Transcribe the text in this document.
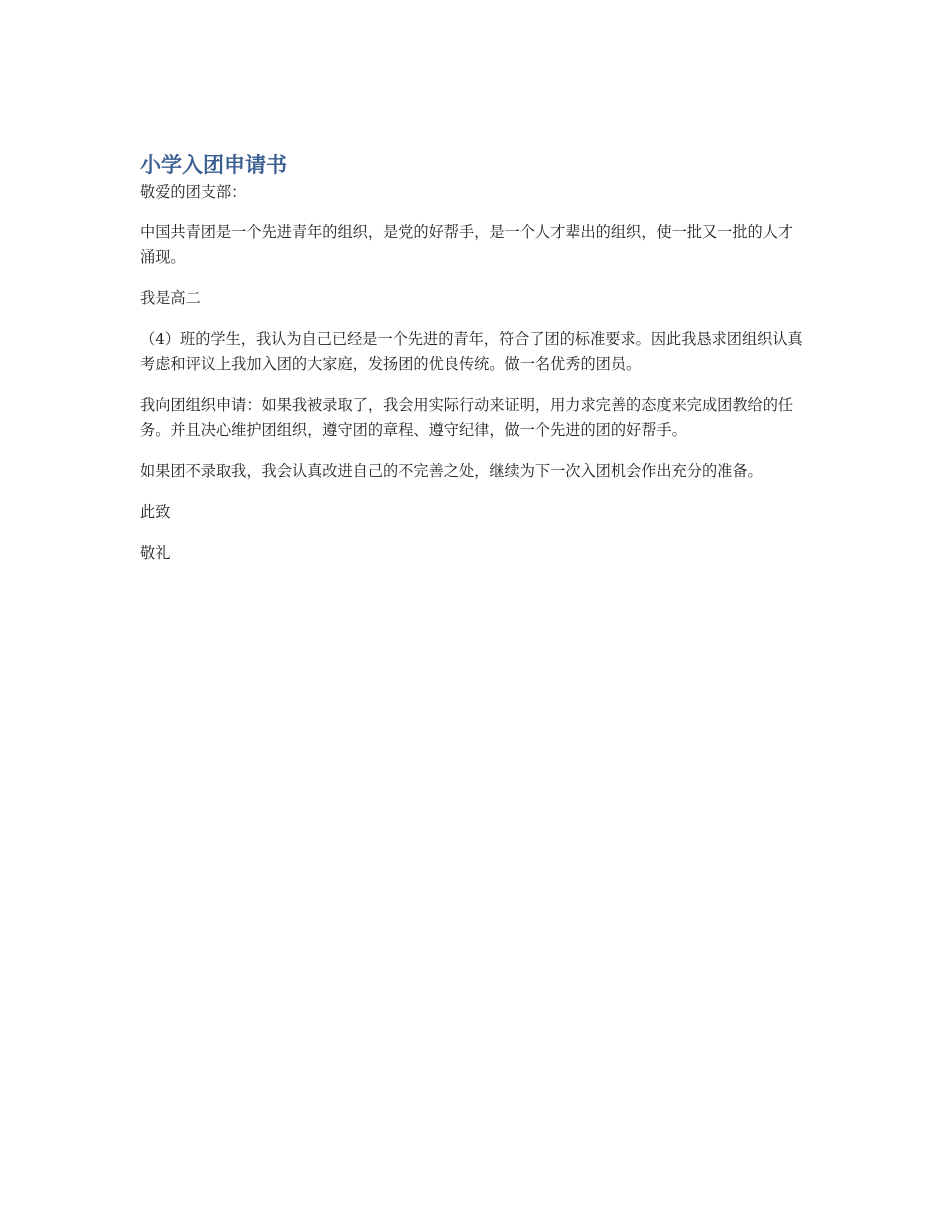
小学入团申请书

敬爱的团支部：

中国共青团是一个先进青年的组织，是党的好帮手，是一个人才辈出的组织，使一批又一批的人才涌现。

我是高二

（4）班的学生，我认为自己已经是一个先进的青年，符合了团的标准要求。因此我恳求团组织认真考虑和评议上我加入团的大家庭，发扬团的优良传统。做一名优秀的团员。

我向团组织申请：如果我被录取了，我会用实际行动来证明，用力求完善的态度来完成团教给的任务。并且决心维护团组织，遵守团的章程、遵守纪律，做一个先进的团的好帮手。

如果团不录取我，我会认真改进自己的不完善之处，继续为下一次入团机会作出充分的准备。

此致

敬礼
